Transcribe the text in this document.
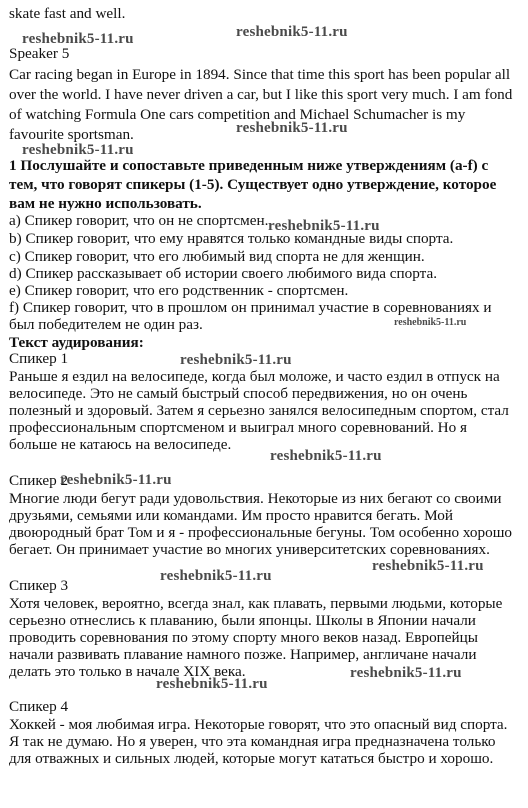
skate fast and well.
Speaker 5
Car racing began in Europe in 1894. Since that time this sport has been popular all
over the world. I have never driven a car, but I like this sport very much. I am fond
of watching Formula One cars competition and Michael Schumacher is my
favourite sportsman.
1 Послушайте и сопоставьте приведенным ниже утверждениям (a-f) с
тем, что говорят спикеры (1-5). Существует одно утверждение, которое
вам не нужно использовать.
a) Спикер говорит, что он не спортсмен.
b) Спикер говорит, что ему нравятся только командные виды спорта.
c) Спикер говорит, что его любимый вид спорта не для женщин.
d) Спикер рассказывает об истории своего любимого вида спорта.
e) Спикер говорит, что его родственник - спортсмен.
f) Спикер говорит, что в прошлом он принимал участие в соревнованиях и
был победителем не один раз.
Текст аудирования:
Спикер 1
Раньше я ездил на велосипеде, когда был моложе, и часто ездил в отпуск на
велосипеде. Это не самый быстрый способ передвижения, но он очень
полезный и здоровый. Затем я серьезно занялся велосипедным спортом, стал
профессиональным спортсменом и выиграл много соревнований. Но я
больше не катаюсь на велосипеде.
Спикер 2
Многие люди бегут ради удовольствия. Некоторые из них бегают со своими
друзьями, семьями или командами. Им просто нравится бегать. Мой
двоюродный брат Том и я - профессиональные бегуны. Том особенно хорошо
бегает. Он принимает участие во многих университетских соревнованиях.
Спикер 3
Хотя человек, вероятно, всегда знал, как плавать, первыми людьми, которые
серьезно отнеслись к плаванию, были японцы. Школы в Японии начали
проводить соревнования по этому спорту много веков назад. Европейцы
начали развивать плавание намного позже. Например, англичане начали
делать это только в начале XIX века.
Спикер 4
Хоккей - моя любимая игра. Некоторые говорят, что это опасный вид спорта.
Я так не думаю. Но я уверен, что эта командная игра предназначена только
для отважных и сильных людей, которые могут кататься быстро и хорошо.
reshebnik5-11.ru	reshebnik5-11.ru
reshebnik5-11.ru
reshebnik5-11.ru
reshebnik5-11.ru
reshebnik5-11.ru
reshebnik5-11.ru
reshebnik5-11.ru
reshebnik5-11.ru
reshebnik5-11.ru
reshebnik5-11.ru
reshebnik5-11.ru
reshebnik5-11.ru
